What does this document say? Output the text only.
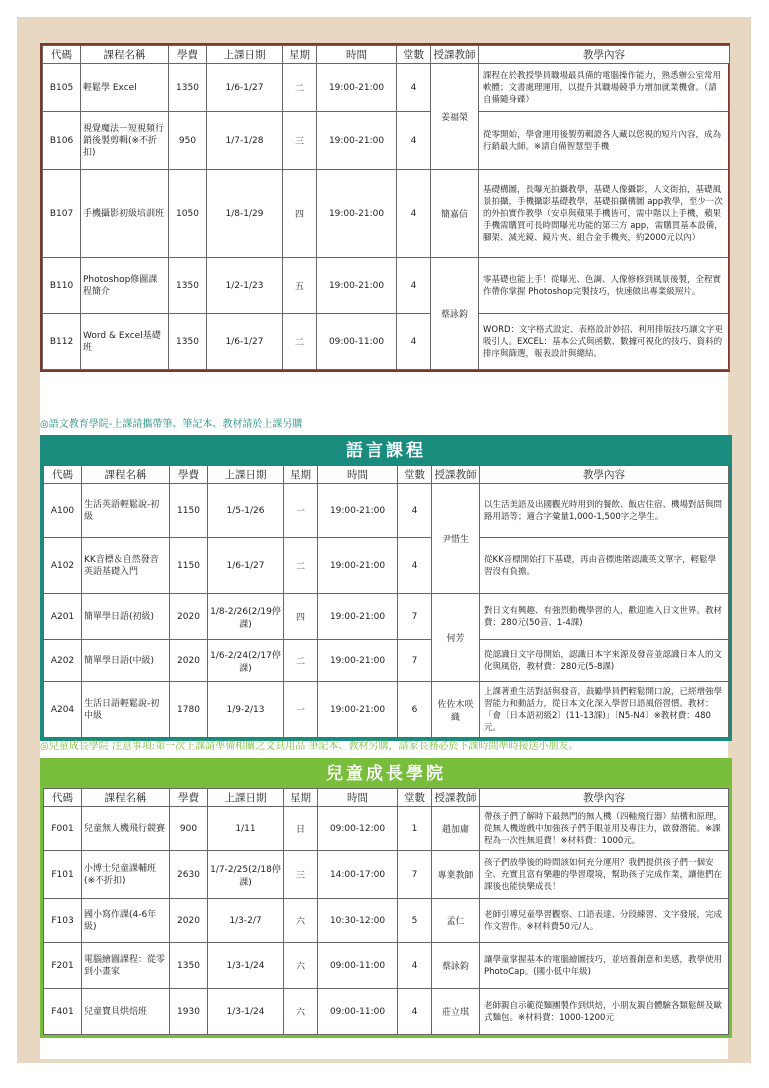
代碼	課程名稱	學費	上課日期	星期	時間	堂數	授課教師	教學內容
B105	輕鬆學 Excel	1350	1/6-1/27	二	19:00-21:00	4	姜福榮	課程在於教授學員職場最具備的電腦操作能力，熟悉辦公室常用軟體；文書處理運用，以提升其職場競爭力增加就業機會。（請自備隨身碟）
B106	視覺魔法－短視頻行銷後製剪輯(※不折扣)	950	1/7-1/28	三	19:00-21:00	4		從零開始，學會運用後製剪輯證各人藏以您視的短片內容，成為行銷最大師。※請自備智慧型手機
B107	手機攝影初級培訓班	1050	1/8-1/29	四	19:00-21:00	4	簡嘉信	基礎構圖，長曝光拍攝教學，基礎人像攝影，人文街拍，基礎風景拍攝，手機攝影基礎教學，基礎拍攝構圖 app教學，至少一次的外拍實作教學（安卓與蘋果手機皆可，需中階以上手機，蘋果手機需購買可長時間曝光功能的第三方 app，需購買基本設備，腳架、減光鏡、鏡片夾、組合金手機夾，約2000元以內）
B110	Photoshop修圖課程簡介	1350	1/2-1/23	五	19:00-21:00	4	蔡詠鈞	零基礎也能上手！從曝光、色調、人像修修到風景後製，全程實作帶你掌握 Photoshop完製技巧，快速做出專業級照片。
B112	Word & Excel基礎班	1350	1/6-1/27	二	09:00-11:00	4		WORD：文字格式設定、表格設計妙招、利用排版技巧讓文字更吸引人。EXCEL：基本公式與函數、數據可視化的技巧、資料的排序與篩選，報表設計與總結。
◎語文教育學院-上課請攜帶筆、筆記本、教材請於上課另購
語言課程
代碼	課程名稱	學費	上課日期	星期	時間	堂數	授課教師	教學內容
A100	生活英語輕鬆說-初級	1150	1/5-1/26	一	19:00-21:00	4	尹惜生	以生活美語及出國觀光時用到的餐飲、飯店住宿、機場對話與問路用語等；適合字彙量1,000-1,500字之學生。
A102	KK音標＆自然發音英語基礎入門	1150	1/6-1/27	二	19:00-21:00	4		從KK音標開始打下基礎，再由音標進階認識英文單字，輕鬆學習沒有負擔。
A201	簡單學日語(初級)	2020	1/8-2/26(2/19停課)	四	19:00-21:00	7	何芳	對日文有興趣、有強烈動機學習的人，歡迎進入日文世界。教材費：280元(50音、1-4課)
A202	簡單學日語(中級)	2020	1/6-2/24(2/17停課)	二	19:00-21:00	7		從認識日文字母開始，認識日本字來源及發音並認識日本人的文化與風俗，教材費：280元(5-8課)
A204	生活日語輕鬆說-初中級	1780	1/9-2/13	一	19:00-21:00	6	佐佐木咲織	上課著重生活對話與發音，鼓勵學員們輕鬆開口說，已經增強學習能力和動話力，從日本文化深入學習日語風俗習慣。教材：「會〔日本語初級2〕(11-13課)」〔N5-N4〕※教材費：480元。
◎兒童成長學院 注意事項:第一次上課請準備相關之文具用品 筆記本、教材另購，請家長務必於下課時間準時接送小朋友。
兒童成長學院
代碼	課程名稱	學費	上課日期	星期	時間	堂數	授課教師	教學內容
F001	兒童無人機飛行競賽	900	1/11	日	09:00-12:00	1	趙加庸	帶孩子們了解時下最熱門的無人機（四軸飛行器）結構和原理，從無人機遊戲中加強孩子們手眼並用及專注力，啟發潛能。※課程為一次性無退費！※材料費：1000元。
F101	小博士兒童課輔班(※不折扣)	2630	1/7-2/25(2/18停課)	三	14:00-17:00	7	專業教師	孩子們放學後的時間該如何充分運用？我們提供孩子們一個安全、充實且富有樂趣的學習環境，幫助孩子完成作業，讓他們在課後也能快樂成長！
F103	國小寫作課(4-6年級)	2020	1/3-2/7	六	10:30-12:00	5	孟仁	老師引導兒童學習觀察、口語表達、分段練習、文字發展，完成作文習作。※材料費50元/人。
F201	電腦繪圖課程：從零到小畫家	1350	1/3-1/24	六	09:00-11:00	4	蔡詠鈞	讓學童掌握基本的電腦繪圖技巧，並培養創意和美感，教學使用PhotoCap。(國小低中年級)
F401	兒童寶貝烘焙班	1930	1/3-1/24	六	09:00-11:00	4	莊立琪	老師親自示範從麵團製作到烘焙，小朋友親自體驗各類鬆餅及歐式麵包。※材料費：1000-1200元
